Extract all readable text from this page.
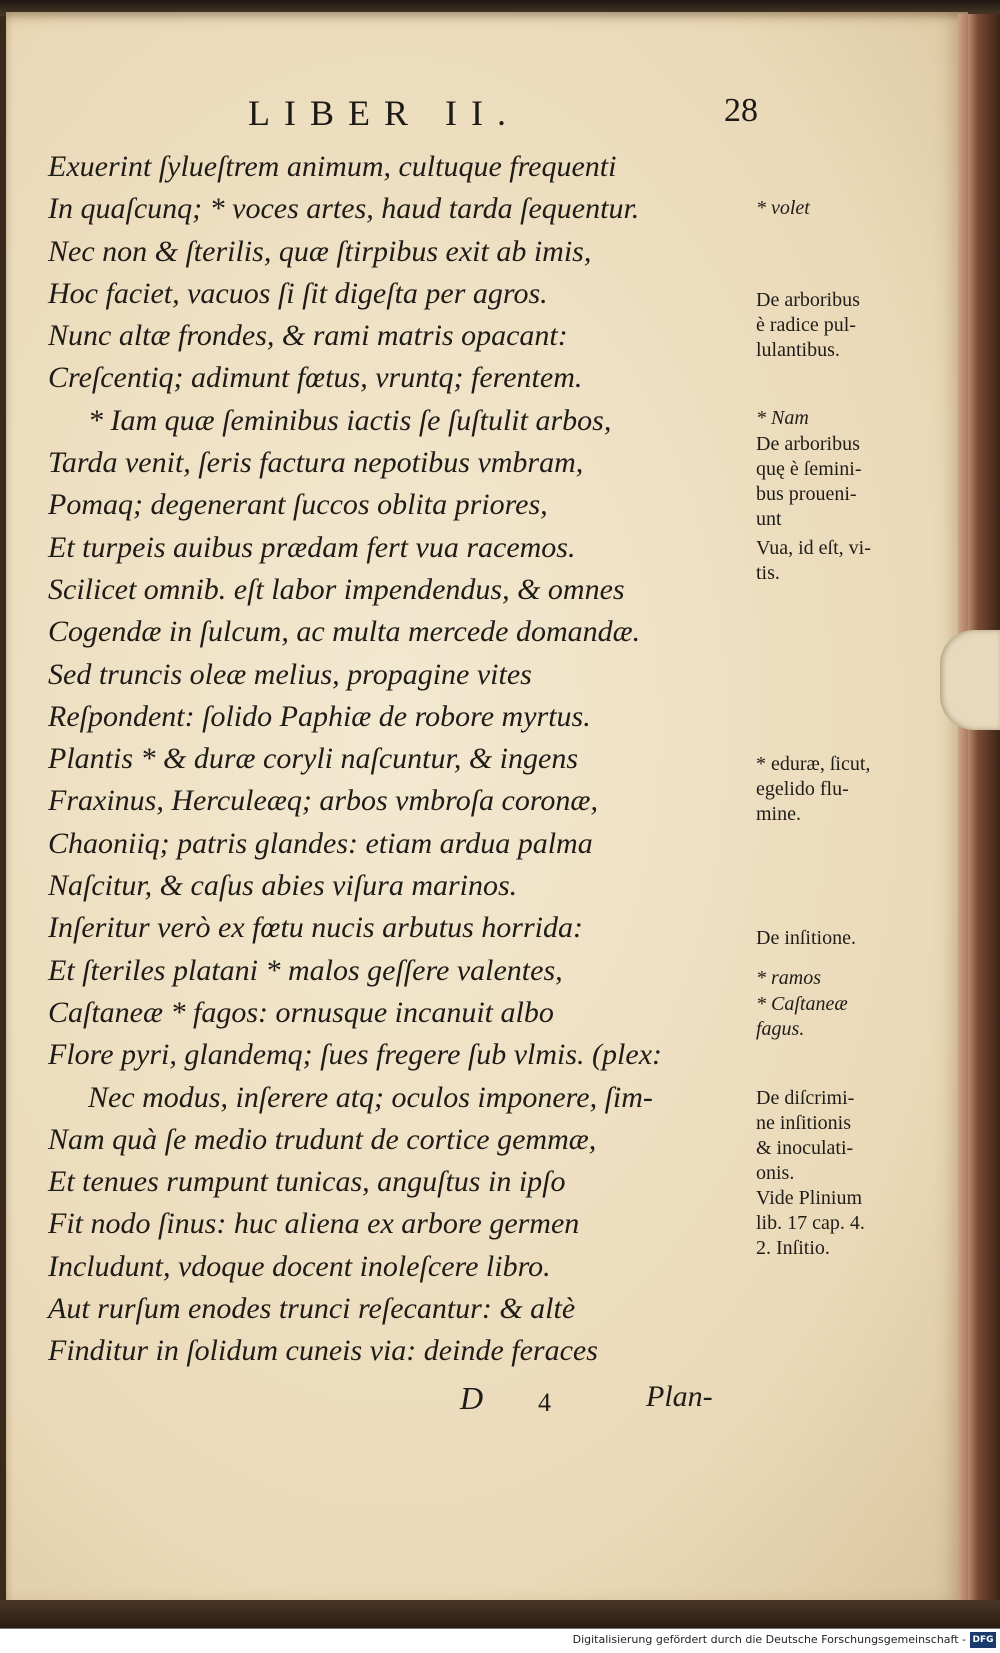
LIBER II.	28
Exuerint ſylueſtrem animum, cultuque frequenti
In quaſcunq; * voces artes, haud tarda ſequentur.
Nec non & ſterilis, quæ ſtirpibus exit ab imis,
Hoc faciet, vacuos ſi ſit digeſta per agros.
Nunc altæ frondes, & rami matris opacant:
Creſcentiq; adimunt fœtus, vruntq; ferentem.
* Iam quæ ſeminibus iactis ſe ſuſtulit arbos,
Tarda venit, ſeris factura nepotibus vmbram,
Pomaq; degenerant ſuccos oblita priores,
Et turpeis auibus prædam fert vua racemos.
Scilicet omnib. eſt labor impendendus, & omnes
Cogendæ in ſulcum, ac multa mercede domandæ.
Sed truncis oleæ melius, propagine vites
Reſpondent: ſolido Paphiæ de robore myrtus.
Plantis * & duræ coryli naſcuntur, & ingens
Fraxinus, Herculeæq; arbos vmbroſa coronæ,
Chaoniiq; patris glandes: etiam ardua palma
Naſcitur, & caſus abies viſura marinos.
Inſeritur verò ex fœtu nucis arbutus horrida:
Et ſteriles platani * malos geſſere valentes,
Caſtaneæ * fagos: ornusque incanuit albo
Flore pyri, glandemq; ſues fregere ſub vlmis. (plex:
Nec modus, inſerere atq; oculos imponere, ſim-
Nam quà ſe medio trudunt de cortice gemmæ,
Et tenues rumpunt tunicas, anguſtus in ipſo
Fit nodo ſinus: huc aliena ex arbore germen
Includunt, vdoque docent inoleſcere libro.
Aut rurſum enodes trunci reſecantur: & altè
Finditur in ſolidum cuneis via: deinde feraces
* volet
De arboribus
è radice pul-
lulantibus.
* Nam
De arboribus
quę è ſemini-
bus proueni-
unt
Vua, id eſt, vi-
tis.
* eduræ, ſicut,
egelido flu-
mine.
De inſitione.
* ramos
* Caſtaneæ
fagus.
De diſcrimi-
ne inſitionis
& inoculati-
onis.
Vide Plinium
lib. 17 cap. 4.
2. Inſitio.
D 4	Plan-
Digitalisierung gefördert durch die Deutsche Forschungsgemeinschaft - DFG
